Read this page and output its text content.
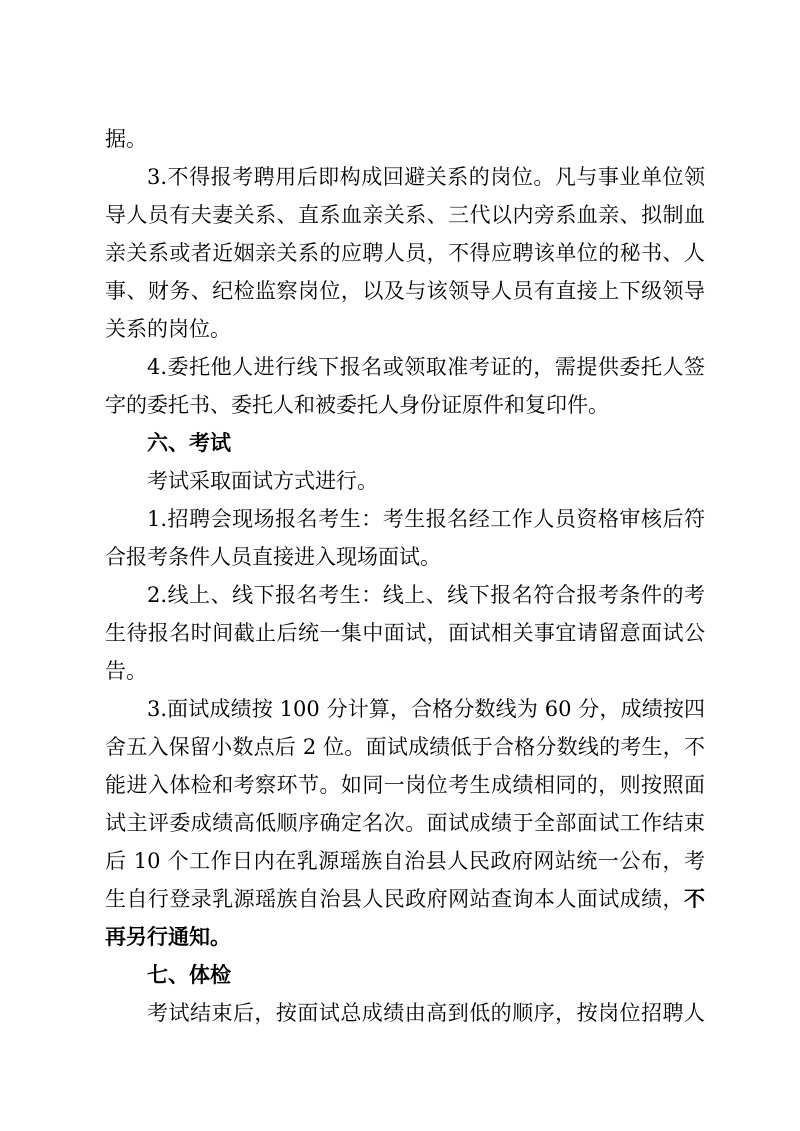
据。
3.不得报考聘用后即构成回避关系的岗位。凡与事业单位领
导人员有夫妻关系、直系血亲关系、三代以内旁系血亲、拟制血
亲关系或者近姻亲关系的应聘人员，不得应聘该单位的秘书、人
事、财务、纪检监察岗位，以及与该领导人员有直接上下级领导
关系的岗位。
4.委托他人进行线下报名或领取准考证的，需提供委托人签
字的委托书、委托人和被委托人身份证原件和复印件。
六、考试
考试采取面试方式进行。
1.招聘会现场报名考生：考生报名经工作人员资格审核后符
合报考条件人员直接进入现场面试。
2.线上、线下报名考生：线上、线下报名符合报考条件的考
生待报名时间截止后统一集中面试，面试相关事宜请留意面试公
告。
3.面试成绩按 100 分计算，合格分数线为 60 分，成绩按四
舍五入保留小数点后 2 位。面试成绩低于合格分数线的考生，不
能进入体检和考察环节。如同一岗位考生成绩相同的，则按照面
试主评委成绩高低顺序确定名次。面试成绩于全部面试工作结束
后 10 个工作日内在乳源瑶族自治县人民政府网站统一公布，考
生自行登录乳源瑶族自治县人民政府网站查询本人面试成绩，不
再另行通知。
七、体检
考试结束后，按面试总成绩由高到低的顺序，按岗位招聘人
